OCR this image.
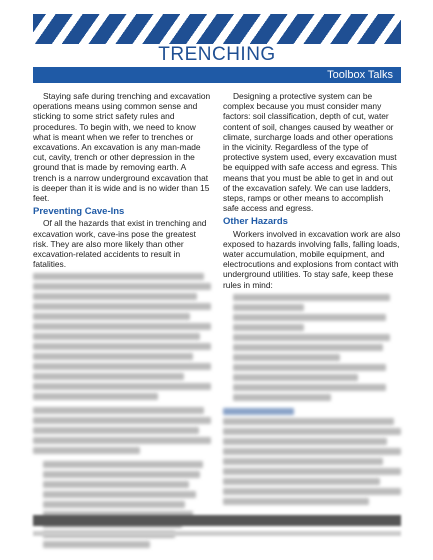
TRENCHING
Toolbox Talks

Staying safe during trenching and excavation operations means using common sense and sticking to some strict safety rules and procedures. To begin with, we need to know what is meant when we refer to trenches or excavations. An excavation is any man-made cut, cavity, trench or other depression in the ground that is made by removing earth. A trench is a narrow underground excavation that is deeper than it is wide and is no wider than 15 feet.

Preventing Cave-Ins

Of all the hazards that exist in trenching and excavation work, cave-ins pose the greatest risk. They are also more likely than other excavation-related accidents to result in fatalities.

Designing a protective system can be complex because you must consider many factors: soil classification, depth of cut, water content of soil, changes caused by weather or climate, surcharge loads and other operations in the vicinity. Regardless of the type of protective system used, every excavation must be equipped with safe access and egress. This means that you must be able to get in and out of the excavation safely. We can use ladders, steps, ramps or other means to accomplish safe access and egress.

Other Hazards

Workers involved in excavation work are also exposed to hazards involving falls, falling loads, water accumulation, mobile equipment, and electrocutions and explosions from contact with underground utilities. To stay safe, keep these rules in mind:
